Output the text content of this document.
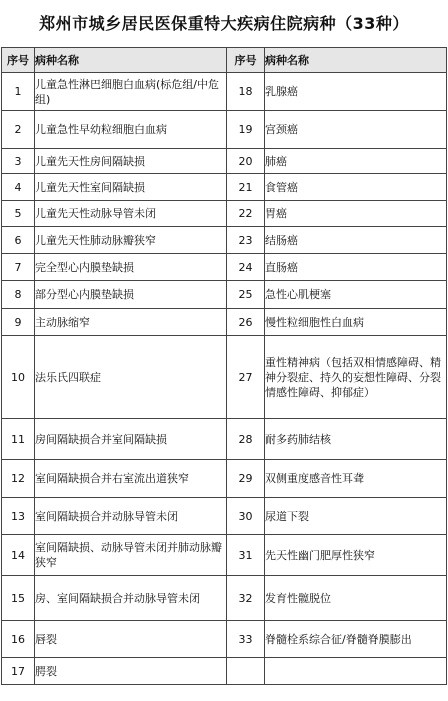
郑州市城乡居民医保重特大疾病住院病种（33种）
序号	病种名称	序号	病种名称
1	儿童急性淋巴细胞白血病(标危组/中危组)	18	乳腺癌
2	儿童急性早幼粒细胞白血病	19	宫颈癌
3	儿童先天性房间隔缺损	20	肺癌
4	儿童先天性室间隔缺损	21	食管癌
5	儿童先天性动脉导管未闭	22	胃癌
6	儿童先天性肺动脉瓣狭窄	23	结肠癌
7	完全型心内膜垫缺损	24	直肠癌
8	部分型心内膜垫缺损	25	急性心肌梗塞
9	主动脉缩窄	26	慢性粒细胞性白血病
10	法乐氏四联症	27	重性精神病（包括双相情感障碍、精神分裂症、持久的妄想性障碍、分裂情感性障碍、抑郁症）
11	房间隔缺损合并室间隔缺损	28	耐多药肺结核
12	室间隔缺损合并右室流出道狭窄	29	双侧重度感音性耳聋
13	室间隔缺损合并动脉导管未闭	30	尿道下裂
14	室间隔缺损、动脉导管未闭并肺动脉瓣狭窄	31	先天性幽门肥厚性狭窄
15	房、室间隔缺损合并动脉导管未闭	32	发育性髋脱位
16	唇裂	33	脊髓栓系综合征/脊髓脊膜膨出
17	腭裂		
